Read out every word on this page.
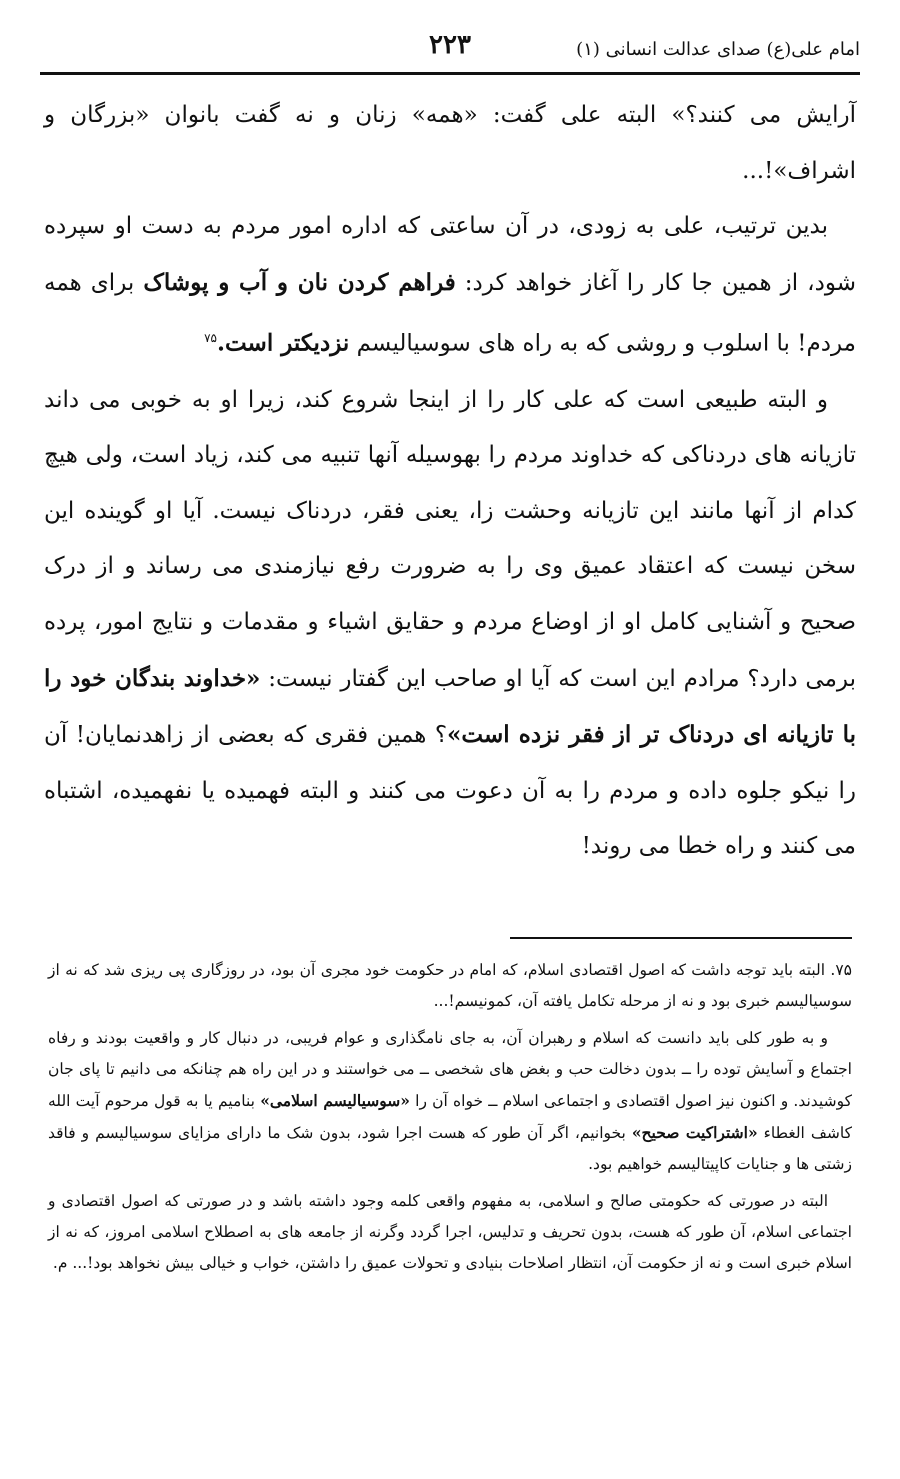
امام علی(ع) صدای عدالت انسانی (۱)
۲۲۳

آرایش می کنند؟» البته علی گفت: «همه» زنان و نه گفت بانوان «بزرگان و اشراف»!...

بدین ترتیب، علی به زودی، در آن ساعتی که اداره امور مردم به دست او سپرده شود، از همین جا کار را آغاز خواهد کرد: فراهم کردن نان و آب و پوشاک برای همه مردم! با اسلوب و روشی که به راه های سوسیالیسم نزدیکتر است.$^{۷۵}$

و البته طبیعی است که علی کار را از اینجا شروع کند، زیرا او به خوبی می داند تازیانه های دردناکی که خداوند مردم را بهوسیله آنها تنبیه می کند، زیاد است، ولی هیچ کدام از آنها مانند این تازیانه وحشت زا، یعنی فقر، دردناک نیست. آیا او گوینده این سخن نیست که اعتقاد عمیق وی را به ضرورت رفع نیازمندی می رساند و از درک صحیح و آشنایی کامل او از اوضاع مردم و حقایق اشیاء و مقدمات و نتایج امور، پرده برمی دارد؟ مرادم این است که آیا او صاحب این گفتار نیست: «خداوند بندگان خود را با تازیانه ای دردناک تر از فقر نزده است»؟ همین فقری که بعضی از زاهدنمایان! آن را نیکو جلوه داده و مردم را به آن دعوت می کنند و البته فهمیده یا نفهمیده، اشتباه می کنند و راه خطا می روند!

۷۵. البته باید توجه داشت که اصول اقتصادی اسلام، که امام در حکومت خود مجری آن بود، در روزگاری پی ریزی شد که نه از سوسیالیسم خبری بود و نه از مرحله تکامل یافته آن، کمونیسم!...

و به طور کلی باید دانست که اسلام و رهبران آن، به جای نامگذاری و عوام فریبی، در دنبال کار و واقعیت بودند و رفاه اجتماع و آسایش توده را ــ بدون دخالت حب و بغض های شخصی ــ می خواستند و در این راه هم چنانکه می دانیم تا پای جان کوشیدند. و اکنون نیز اصول اقتصادی و اجتماعی اسلام ــ خواه آن را «سوسیالیسم اسلامی» بنامیم یا به قول مرحوم آیت الله کاشف الغطاء «اشتراکیت صحیح» بخوانیم، اگر آن طور که هست اجرا شود، بدون شک ما دارای مزایای سوسیالیسم و فاقد زشتی ها و جنایات کاپیتالیسم خواهیم بود.

البته در صورتی که حکومتی صالح و اسلامی، به مفهوم واقعی کلمه وجود داشته باشد و در صورتی که اصول اقتصادی و اجتماعی اسلام، آن طور که هست، بدون تحریف و تدلیس، اجرا گردد وگرنه از جامعه های به اصطلاح اسلامی امروز، که نه از اسلام خبری است و نه از حکومت آن، انتظار اصلاحات بنیادی و تحولات عمیق را داشتن، خواب و خیالی بیش نخواهد بود!... م.
